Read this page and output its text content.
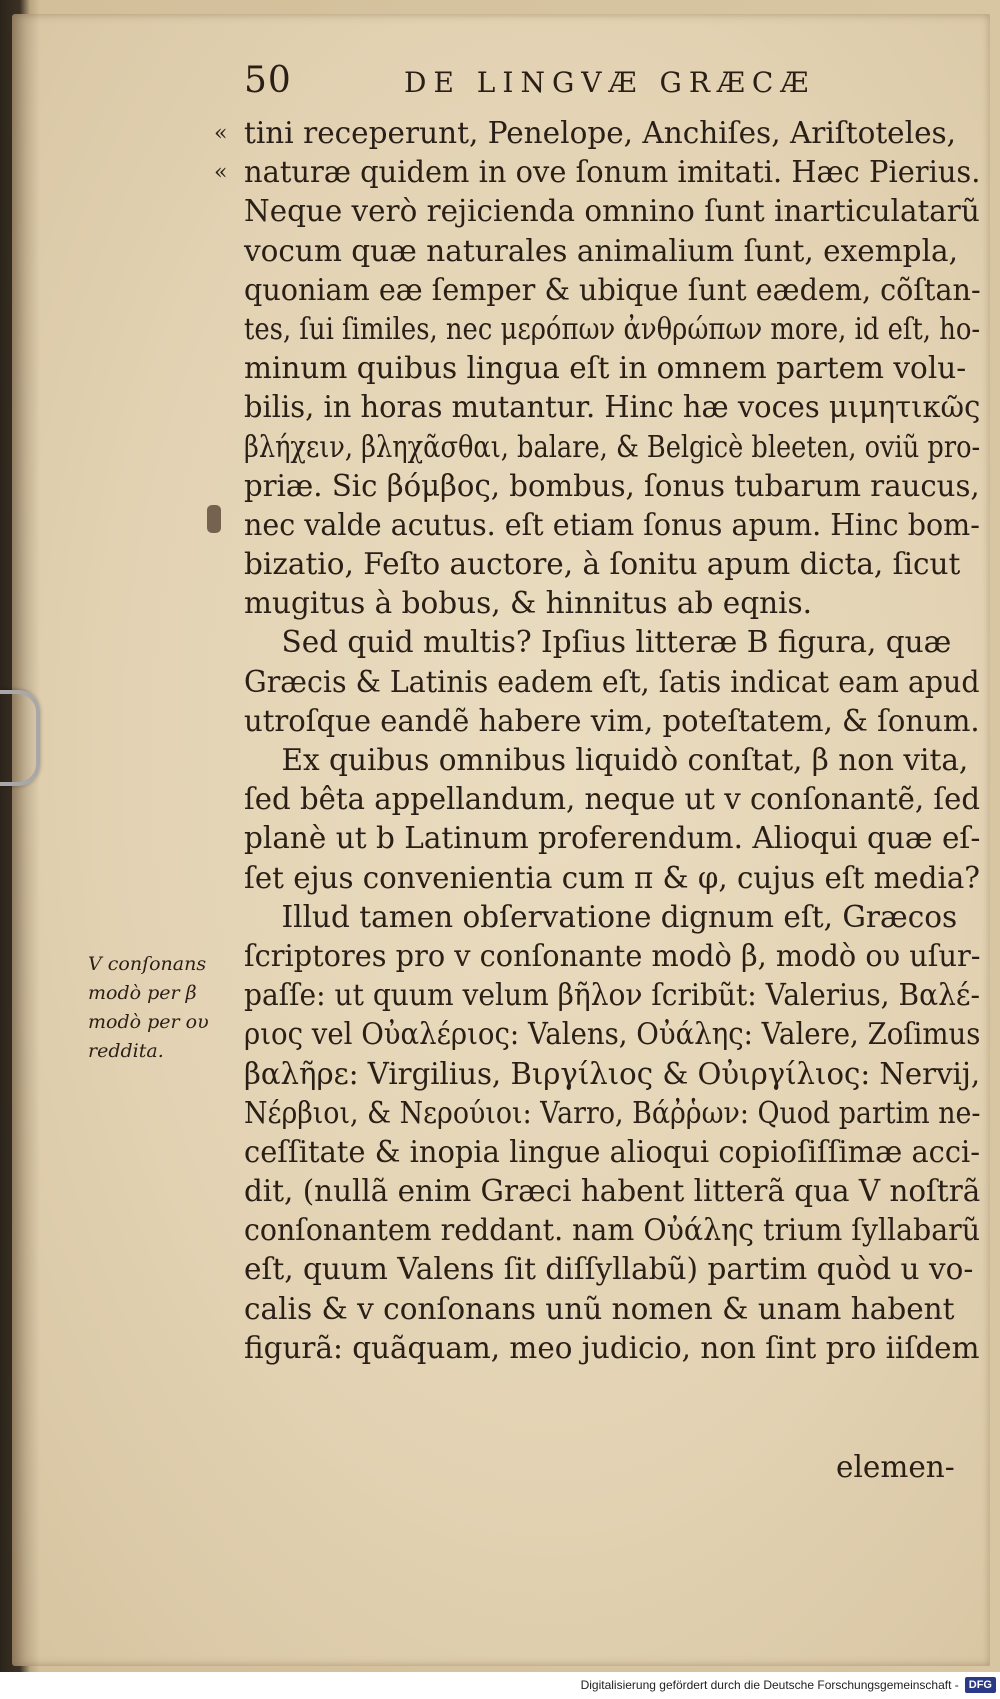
50	DE LINGVÆ GRÆCÆ
«
«
tini receperunt, Penelope, Anchiſes, Ariſtoteles,
naturæ quidem in ove ſonum imitati. Hæc Pierius.
Neque verò rejicienda omnino ſunt inarticulatarũ
vocum quæ naturales animalium ſunt, exempla,
quoniam eæ ſemper & ubique ſunt eædem, cõſtan-
tes, ſui ſimiles, nec μερόπων ἀνθρώπων more, id eſt, ho-
minum quibus lingua eſt in omnem partem volu-
bilis, in horas mutantur. Hinc hæ voces μιμητικῶς
βλήχειν, βληχᾶσθαι, balare, & Belgicè bleeten, oviũ pro-
priæ. Sic βόμβος, bombus, ſonus tubarum raucus,
nec valde acutus. eſt etiam ſonus apum. Hinc bom-
bizatio, Feſto auctore, à ſonitu apum dicta, ſicut
mugitus à bobus, & hinnitus ab eqnis.
Sed quid multis? Ipſius litteræ B figura, quæ
Græcis & Latinis eadem eſt, ſatis indicat eam apud
utroſque eandẽ habere vim, poteſtatem, & ſonum.
Ex quibus omnibus liquidò conſtat, β non vita,
ſed bêta appellandum, neque ut v conſonantẽ, ſed
planè ut b Latinum proferendum. Alioqui quæ eſ-
ſet ejus convenientia cum π & φ, cujus eſt media?
Illud tamen obſervatione dignum eſt, Græcos
ſcriptores pro v conſonante modò β, modò ου uſur-
paſſe: ut quum velum βῆλον ſcribũt: Valerius, Βαλέ-
ριος vel Οὐαλέριος: Valens, Οὐάλης: Valere, Zoſimus
βαλῆρε: Virgilius, Βιργίλιος & Οὐιργίλιος: Nervij,
Νέρβιοι, & Νερούιοι: Varro, Βάῤῥων: Quod partim ne-
ceſſitate & inopia lingue alioqui copioſiſſimæ acci-
dit, (nullã enim Græci habent litterã qua V noſtrã
conſonantem reddant. nam Οὐάλης trium ſyllabarũ
eſt, quum Valens ſit diſſyllabũ) partim quòd u vo-
calis & v conſonans unũ nomen & unam habent
figurã: quãquam, meo judicio, non ſint pro iiſdem
elemen-
V conſonans
modò per β
modò per ου
reddita.
Digitalisierung gefördert durch die Deutsche Forschungsgemeinschaft - DFG
